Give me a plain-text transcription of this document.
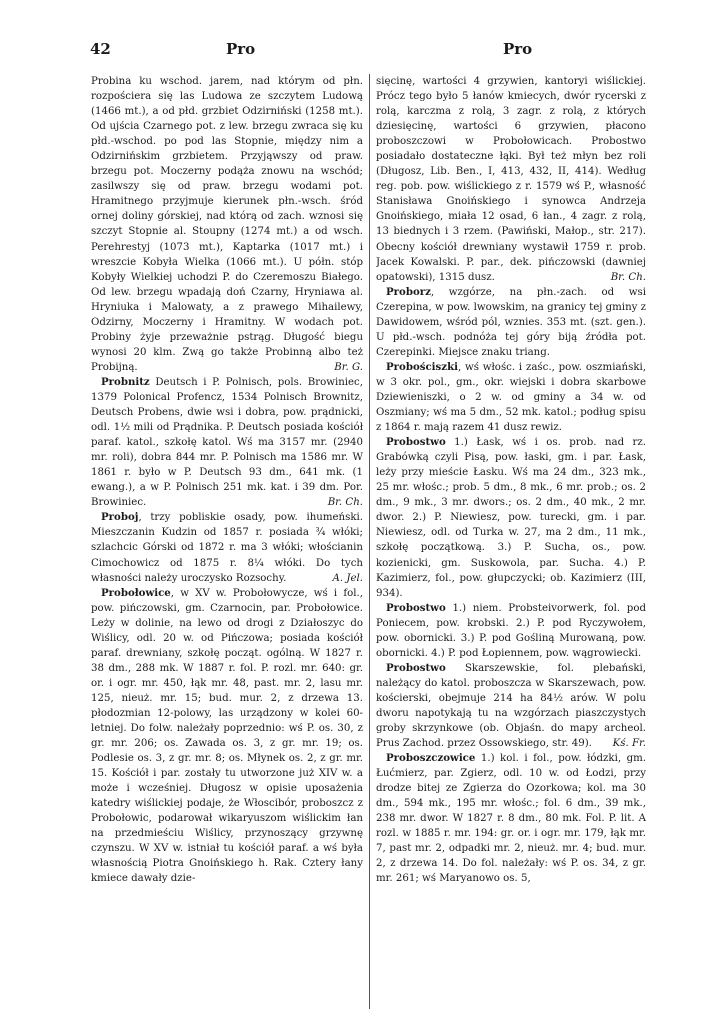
42	Pro	Pro

Probina ku wschod. jarem, nad którym od płn. rozpościera się las Ludowa ze szczytem Ludową (1466 mt.), a od płd. grzbiet Odzirniński (1258 mt.). Od ujścia Czarnego pot. z lew. brzegu zwraca się ku płd.-wschod. po pod las Stopnie, między nim a Odzirnińskim grzbietem. Przyjąwszy od praw. brzegu pot. Moczerny podąża znowu na wschód; zasilwszy się od praw. brzegu wodami pot. Hramitnego przyjmuje kierunek płn.-wsch. śród ornej doliny górskiej, nad którą od zach. wznosi się szczyt Stopnie al. Stoupny (1274 mt.) a od wsch. Perehrestyj (1073 mt.), Kaptarka (1017 mt.) i wreszcie Kobyła Wielka (1066 mt.). U półn. stóp Kobyły Wielkiej uchodzi P. do Czeremoszu Białego. Od lew. brzegu wpadają doń Czarny, Hryniawa al. Hryniuka i Malowaty, a z prawego Mihailewy, Odzirny, Moczerny i Hramitny. W wodach pot. Probiny żyje przeważnie pstrąg. Długość biegu wynosi 20 klm. Zwą go także Probinną albo też Probijną.	Br. G.

Probnitz Deutsch i P. Polnisch, pols. Browiniec, 1379 Polonical Profencz, 1534 Polnisch Brownitz, Deutsch Probens, dwie wsi i dobra, pow. prądnicki, odl. 1½ mili od Prądnika. P. Deutsch posiada kościół paraf. katol., szkołę katol. Wś ma 3157 mr. (2940 mr. roli), dobra 844 mr. P. Polnisch ma 1586 mr. W 1861 r. było w P. Deutsch 93 dm., 641 mk. (1 ewang.), a w P. Polnisch 251 mk. kat. i 39 dm. Por. Browiniec.	Br. Ch.

Proboj, trzy pobliskie osady, pow. ihumeński. Mieszczanin Kudzin od 1857 r. posiada ¾ włóki; szlachcic Górski od 1872 r. ma 3 włóki; włościanin Cimochowicz od 1875 r. 8¼ włóki. Do tych własności należy uroczysko Rozsochy.	A. Jel.

Probołowice, w XV w. Probołowycze, wś i fol., pow. pińczowski, gm. Czarnocin, par. Probołowice. Leży w dolinie, na lewo od drogi z Działoszyc do Wiślicy, odl. 20 w. od Pińczowa; posiada kościół paraf. drewniany, szkołę począt. ogólną. W 1827 r. 38 dm., 288 mk. W 1887 r. fol. P. rozl. mr. 640: gr. or. i ogr. mr. 450, łąk mr. 48, past. mr. 2, lasu mr. 125, nieuż. mr. 15; bud. mur. 2, z drzewa 13. płodozmian 12-polowy, las urządzony w kolei 60-letniej. Do folw. należały poprzednio: wś P. os. 30, z gr. mr. 206; os. Zawada os. 3, z gr. mr. 19; os. Podlesie os. 3, z gr. mr. 8; os. Młynek os. 2, z gr. mr. 15. Kościół i par. zostały tu utworzone już XIV w. a może i wcześniej. Długosz w opisie uposażenia katedry wiślickiej podaje, że Włoscibór, proboszcz z Probołowic, podarował wikaryuszom wiślickim łan na przedmieściu Wiślicy, przynoszący grzywnę czynszu. W XV w. istniał tu kościół paraf. a wś była własnością Piotra Gnoińskiego h. Rak. Cztery łany kmiece dawały dzie-

sięcinę, wartości 4 grzywien, kantoryi wiślickiej. Prócz tego było 5 łanów kmiecych, dwór rycerski z rolą, karczma z rolą, 3 zagr. z rolą, z których dziesięcinę, wartości 6 grzywien, płacono proboszczowi w Probołowicach. Probostwo posiadało dostateczne łąki. Był też młyn bez roli (Długosz, Lib. Ben., I, 413, 432, II, 414). Według reg. pob. pow. wiślickiego z r. 1579 wś P., własność Stanisława Gnoińskiego i synowca Andrzeja Gnoińskiego, miała 12 osad, 6 łan., 4 zagr. z rolą, 13 biednych i 3 rzem. (Pawiński, Małop., str. 217). Obecny kościół drewniany wystawił 1759 r. prob. Jacek Kowalski. P. par., dek. pińczowski (dawniej opatowski), 1315 dusz.	Br. Ch.

Proborz, wzgórze, na płn.-zach. od wsi Czerepina, w pow. lwowskim, na granicy tej gminy z Dawidowem, wśród pól, wznies. 353 mt. (szt. gen.). U płd.-wsch. podnóża tej góry biją źródła pot. Czerepinki. Miejsce znaku triang.

Probościszki, wś włośc. i zaśc., pow. oszmiański, w 3 okr. pol., gm., okr. wiejski i dobra skarbowe Dziewieniszki, o 2 w. od gminy a 34 w. od Oszmiany; wś ma 5 dm., 52 mk. katol.; podług spisu z 1864 r. mają razem 41 dusz rewiz.

Probostwo 1.) Łask, wś i os. prob. nad rz. Grabówką czyli Pisą, pow. łaski, gm. i par. Łask, leży przy mieście Łasku. Wś ma 24 dm., 323 mk., 25 mr. włośc.; prob. 5 dm., 8 mk., 6 mr. prob.; os. 2 dm., 9 mk., 3 mr. dwors.; os. 2 dm., 40 mk., 2 mr. dwor. 2.) P. Niewiesz, pow. turecki, gm. i par. Niewiesz, odl. od Turka w. 27, ma 2 dm., 11 mk., szkołę początkową. 3.) P. Sucha, os., pow. kozienicki, gm. Suskowola, par. Sucha. 4.) P. Kazimierz, fol., pow. głupczycki; ob. Kazimierz (III, 934).

Probostwo 1.) niem. Probsteivorwerk, fol. pod Poniecem, pow. krobski. 2.) P. pod Ryczywołem, pow. obornicki. 3.) P. pod Gośliną Murowaną, pow. obornicki. 4.) P. pod Łopiennem, pow. wągrowiecki.

Probostwo Skarszewskie, fol. plebański, należący do katol. proboszcza w Skarszewach, pow. kościerski, obejmuje 214 ha 84½ arów. W polu dworu napotykają tu na wzgórzach piaszczystych groby skrzynkowe (ob. Objaśn. do mapy archeol. Prus Zachod. przez Ossowskiego, str. 49).	Kś. Fr.

Proboszczowice 1.) kol. i fol., pow. łódzki, gm. Łućmierz, par. Zgierz, odl. 10 w. od Łodzi, przy drodze bitej ze Zgierza do Ozorkowa; kol. ma 30 dm., 594 mk., 195 mr. włośc.; fol. 6 dm., 39 mk., 238 mr. dwor. W 1827 r. 8 dm., 80 mk. Fol. P. lit. A rozl. w 1885 r. mr. 194: gr. or. i ogr. mr. 179, łąk mr. 7, past mr. 2, odpadki mr. 2, nieuż. mr. 4; bud. mur. 2, z drzewa 14. Do fol. należały: wś P. os. 34, z gr. mr. 261; wś Maryanowo os. 5,
